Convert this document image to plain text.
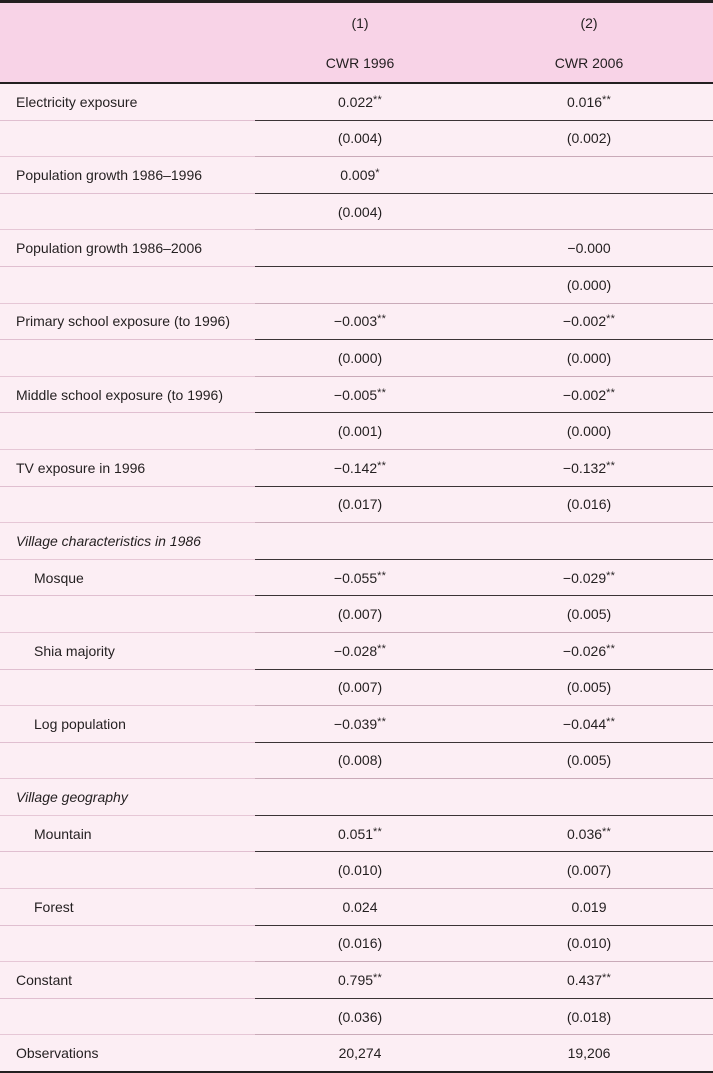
	(1)	(2)
	CWR 1996	CWR 2006
Electricity exposure	0.022**	0.016**
	(0.004)	(0.002)
Population growth 1986–1996	0.009*	
	(0.004)	
Population growth 1986–2006		−0.000
		(0.000)
Primary school exposure (to 1996)	−0.003**	−0.002**
	(0.000)	(0.000)
Middle school exposure (to 1996)	−0.005**	−0.002**
	(0.001)	(0.000)
TV exposure in 1996	−0.142**	−0.132**
	(0.017)	(0.016)
Village characteristics in 1986		
Mosque	−0.055**	−0.029**
	(0.007)	(0.005)
Shia majority	−0.028**	−0.026**
	(0.007)	(0.005)
Log population	−0.039**	−0.044**
	(0.008)	(0.005)
Village geography		
Mountain	0.051**	0.036**
	(0.010)	(0.007)
Forest	0.024	0.019
	(0.016)	(0.010)
Constant	0.795**	0.437**
	(0.036)	(0.018)
Observations	20,274	19,206
